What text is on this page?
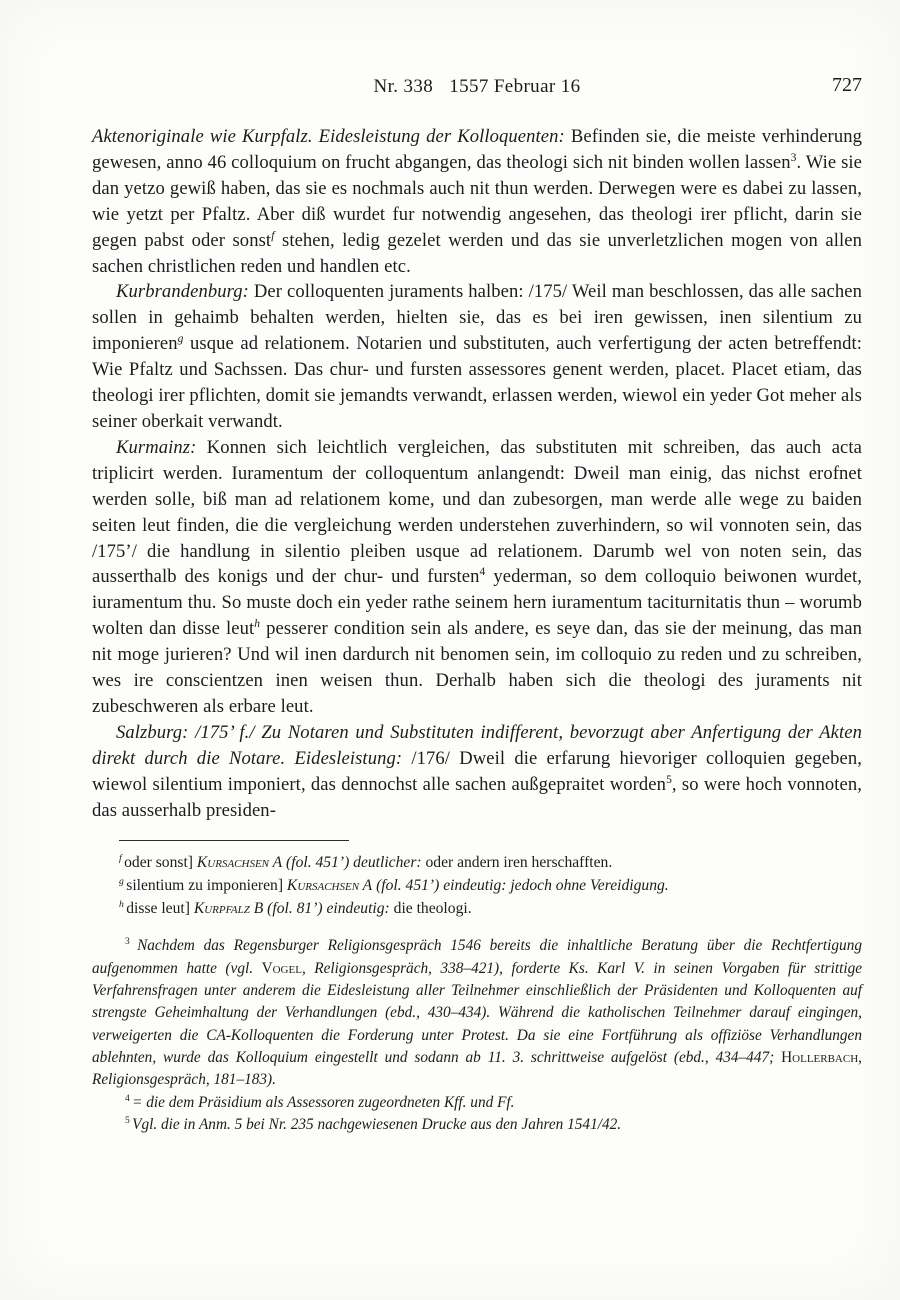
Nr. 338 1557 Februar 16	727

Aktenoriginale wie Kurpfalz. Eidesleistung der Kolloquenten: Befinden sie, die meiste verhinderung gewesen, anno 46 colloquium on frucht abgangen, das theologi sich nit binden wollen lassen$^3$. Wie sie dan yetzo gewiß haben, das sie es nochmals auch nit thun werden. Derwegen were es dabei zu lassen, wie yetzt per Pfaltz. Aber diß wurdet fur notwendig angesehen, das theologi irer pflicht, darin sie gegen pabst oder sonst$^f$ stehen, ledig gezelet werden und das sie unverletzlichen mogen von allen sachen christlichen reden und handlen etc.

Kurbrandenburg: Der colloquenten juraments halben: /175/ Weil man beschlossen, das alle sachen sollen in gehaimb behalten werden, hielten sie, das es bei iren gewissen, inen silentium zu imponieren$^g$ usque ad relationem. Notarien und substituten, auch verfertigung der acten betreffendt: Wie Pfaltz und Sachssen. Das chur- und fursten assessores genent werden, placet. Placet etiam, das theologi irer pflichten, domit sie jemandts verwandt, erlassen werden, wiewol ein yeder Got meher als seiner oberkait verwandt.

Kurmainz: Konnen sich leichtlich vergleichen, das substituten mit schreiben, das auch acta triplicirt werden. Iuramentum der colloquentum anlangendt: Dweil man einig, das nichst erofnet werden solle, biß man ad relationem kome, und dan zubesorgen, man werde alle wege zu baiden seiten leut finden, die die vergleichung werden understehen zuverhindern, so wil vonnoten sein, das /175’/ die handlung in silentio pleiben usque ad relationem. Darumb wel von noten sein, das ausserthalb des konigs und der chur- und fursten$^4$ yederman, so dem colloquio beiwonen wurdet, iuramentum thu. So muste doch ein yeder rathe seinem hern iuramentum taciturnitatis thun – worumb wolten dan disse leut$^h$ pesserer condition sein als andere, es seye dan, das sie der meinung, das man nit moge jurieren? Und wil inen dardurch nit benomen sein, im colloquio zu reden und zu schreiben, wes ire conscientzen inen weisen thun. Derhalb haben sich die theologi des juraments nit zubeschweren als erbare leut.

Salzburg: /175’ f./ Zu Notaren und Substituten indifferent, bevorzugt aber Anfertigung der Akten direkt durch die Notare. Eidesleistung: /176/ Dweil die erfarung hievoriger colloquien gegeben, wiewol silentium imponiert, das dennochst alle sachen außgepraitet worden$^5$, so were hoch vonnoten, das ausserhalb presiden-

$^f$ oder sonst] Kursachsen A (fol. 451’) deutlicher: oder andern iren herschafften.

$^g$ silentium zu imponieren] Kursachsen A (fol. 451’) eindeutig: jedoch ohne Vereidigung.

$^h$ disse leut] Kurpfalz B (fol. 81’) eindeutig: die theologi.

$^3$ Nachdem das Regensburger Religionsgespräch 1546 bereits die inhaltliche Beratung über die Rechtfertigung aufgenommen hatte (vgl. Vogel, Religionsgespräch, 338–421), forderte Ks. Karl V. in seinen Vorgaben für strittige Verfahrensfragen unter anderem die Eidesleistung aller Teilnehmer einschließlich der Präsidenten und Kolloquenten auf strengste Geheimhaltung der Verhandlungen (ebd., 430–434). Während die katholischen Teilnehmer darauf eingingen, verweigerten die CA-Kolloquenten die Forderung unter Protest. Da sie eine Fortführung als offiziöse Verhandlungen ablehnten, wurde das Kolloquium eingestellt und sodann ab 11. 3. schrittweise aufgelöst (ebd., 434–447; Hollerbach, Religionsgespräch, 181–183).

$^4$ = die dem Präsidium als Assessoren zugeordneten Kff. und Ff.

$^5$ Vgl. die in Anm. 5 bei Nr. 235 nachgewiesenen Drucke aus den Jahren 1541/42.
